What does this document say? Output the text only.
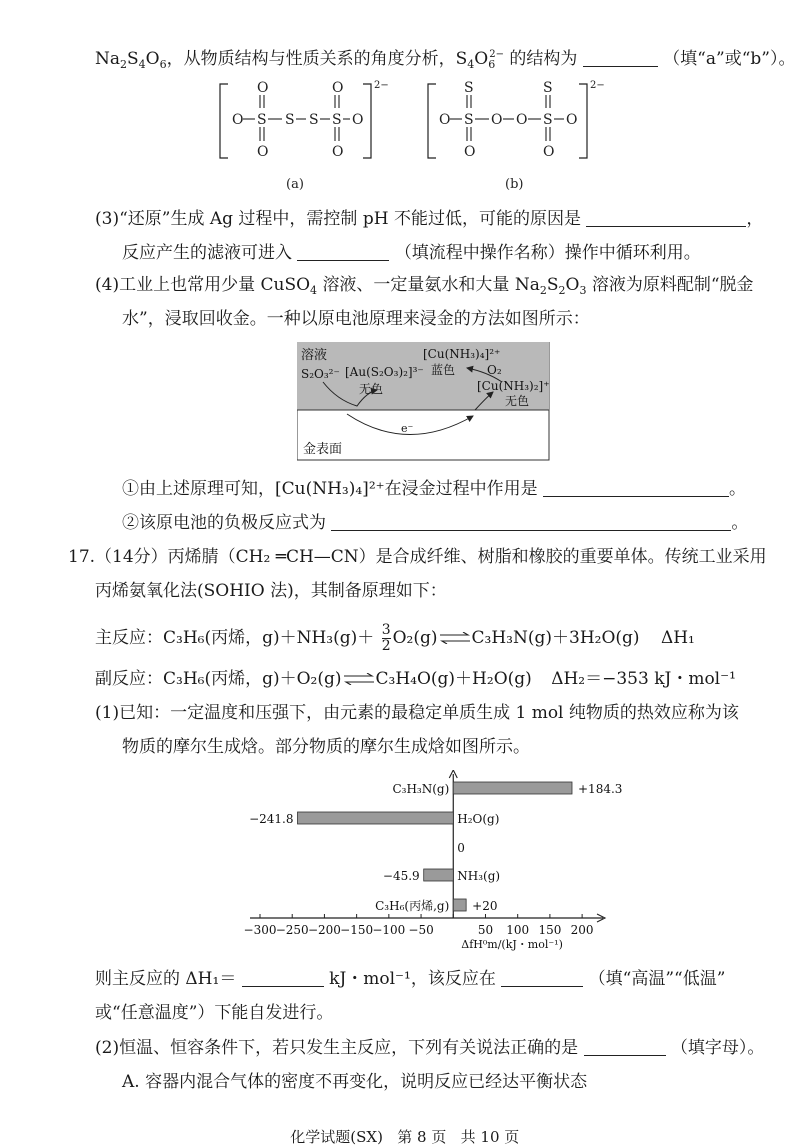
$Na_2S_4O_6$，从物质结构与性质关系的角度分析，$S_4O_6^{2-}$ 的结构为	（填“a”或“b”）。
O S S S S O
O
O
O
O
O S O O S O
S
O
S
O
2−	2−
(a)	(b)
(3)“还原”生成 Ag 过程中，需控制 pH 不能过低，可能的原因是	，
反应产生的滤液可进入	（填流程中操作名称）操作中循环利用。
(4)工业上也常用少量 CuSO$_4$ 溶液、一定量氨水和大量 $Na_2S_2O_3$ 溶液为原料配制“脱金
水”，浸取回收金。一种以原电池原理来浸金的方法如图所示：
溶液
S₂O₃²⁻ [Au(S₂O₃)₂]³⁻
无色
[Cu(NH₃)₄]²⁺
蓝色	O₂
[Cu(NH₃)₂]⁺
无色
e⁻
金表面
①由上述原理可知，[Cu(NH₃)₄]²⁺在浸金过程中作用是	。
②该原电池的负极反应式为	。
17.（14分）丙烯腈（CH₂ ═CH—CN）是合成纤维、树脂和橡胶的重要单体。传统工业采用
丙烯氨氧化法(SOHIO 法)，其制备原理如下：
主反应：C₃H₆(丙烯，$g)+NH_3(g)+ \frac{3}{2}$ O₂(g)⇌C₃H₃N(g)＋3H₂O(g) ΔH₁
副反应：C₃H₆(丙烯，g)＋O₂(g)⇌C₃H₄O(g)＋H₂O(g) ΔH₂＝−353 kJ・mol⁻¹
(1)已知：一定温度和压强下，由元素的最稳定单质生成 1 mol 纯物质的热效应称为该
物质的摩尔生成焓。部分物质的摩尔生成焓如图所示。
−300 −250 −200 −150 −100 −50	50 100 150 200
ΔfH⁰m/(kJ・mol⁻¹)
C₃H₃N(g)	+184.3
H₂O(g)
−241.8
NH₃(g)
−45.9
C₃H₆(丙烯,g) +20
0
则主反应的 ΔH₁＝	kJ・mol⁻¹，该反应在	（填“高温”“低温”
或“任意温度”）下能自发进行。
(2)恒温、恒容条件下，若只发生主反应，下列有关说法正确的是	（填字母）。
A. 容器内混合气体的密度不再变化，说明反应已经达平衡状态

化学试题(SX)   第 8 页   共 10 页
